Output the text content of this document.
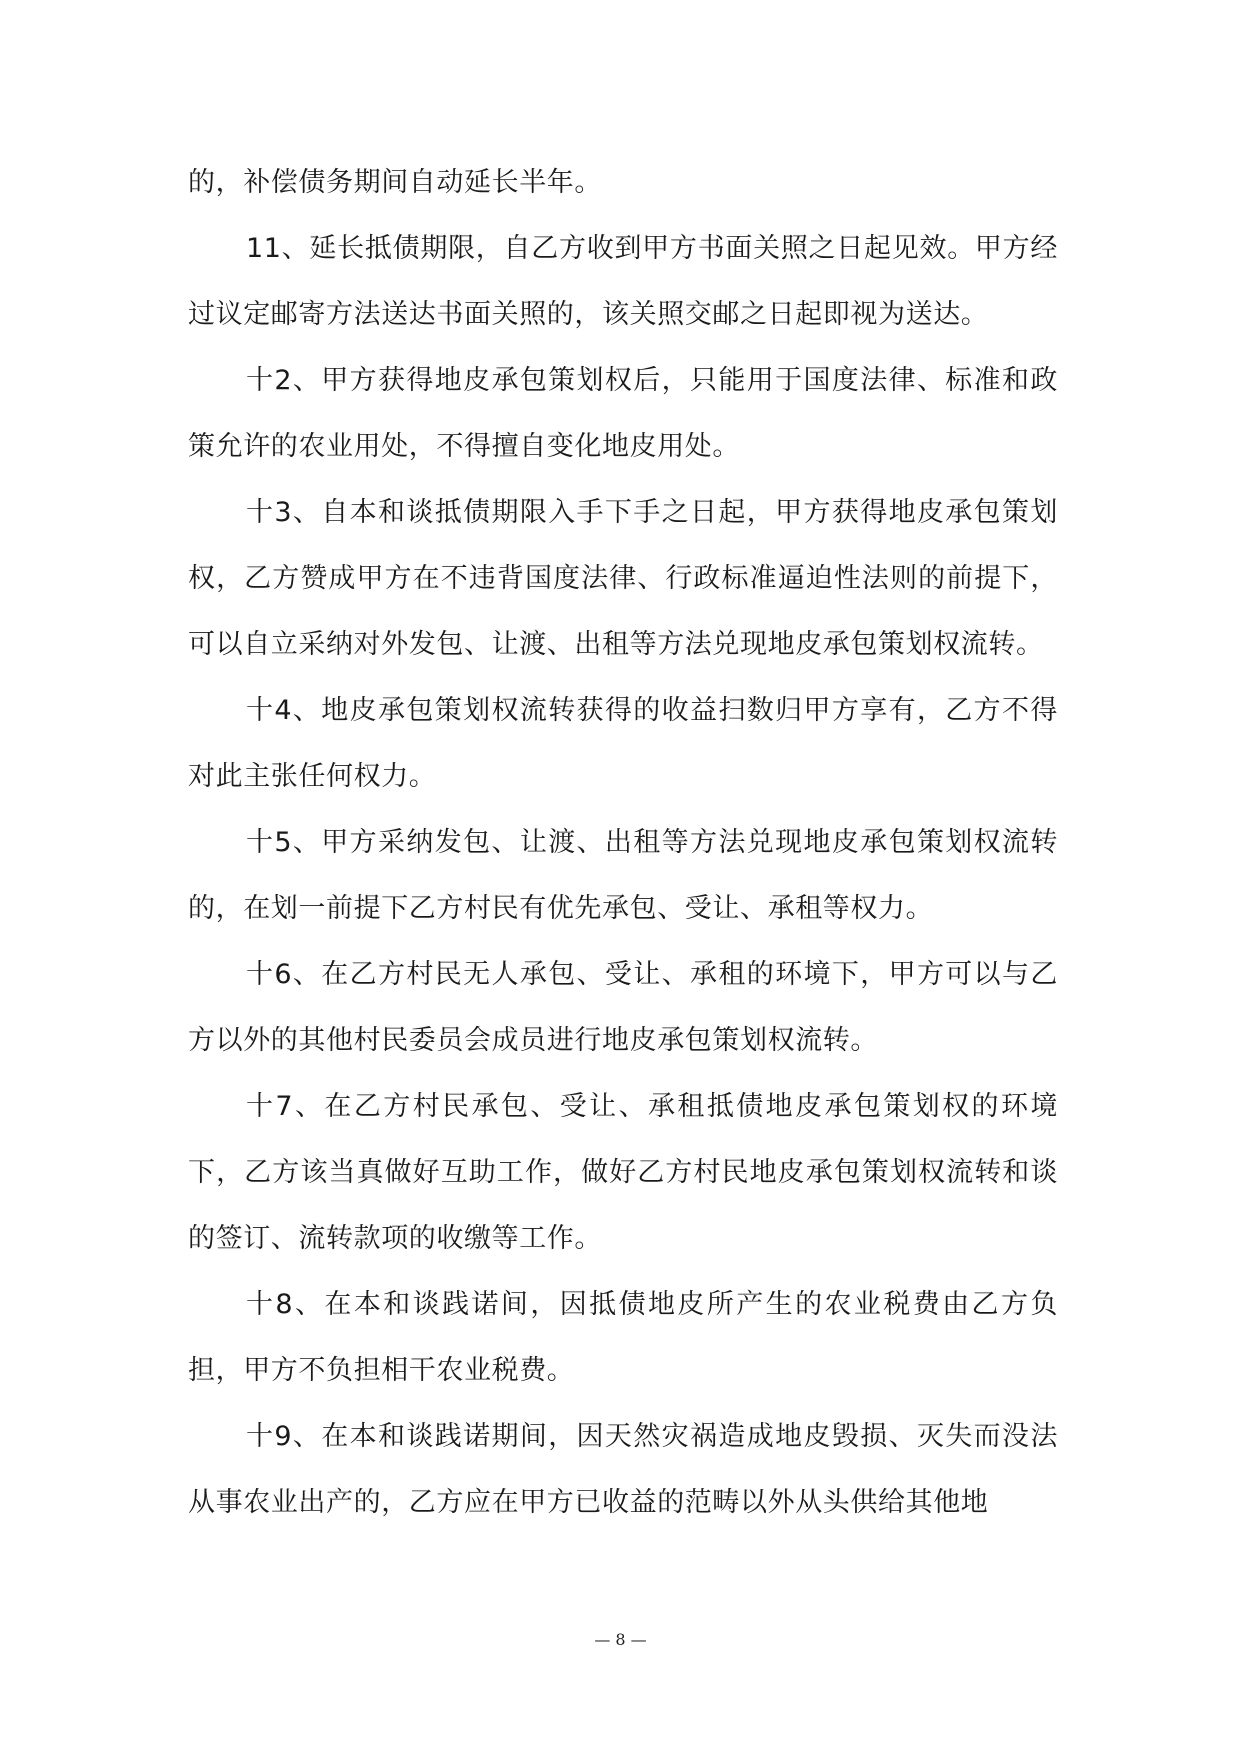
的，补偿债务期间自动延长半年。

11、延长抵债期限，自乙方收到甲方书面关照之日起见效。甲方经过议定邮寄方法送达书面关照的，该关照交邮之日起即视为送达。

十2、甲方获得地皮承包策划权后，只能用于国度法律、标准和政策允许的农业用处，不得擅自变化地皮用处。

十3、自本和谈抵债期限入手下手之日起，甲方获得地皮承包策划权，乙方赞成甲方在不违背国度法律、行政标准逼迫性法则的前提下，可以自立采纳对外发包、让渡、出租等方法兑现地皮承包策划权流转。

十4、地皮承包策划权流转获得的收益扫数归甲方享有，乙方不得对此主张任何权力。

十5、甲方采纳发包、让渡、出租等方法兑现地皮承包策划权流转的，在划一前提下乙方村民有优先承包、受让、承租等权力。

十6、在乙方村民无人承包、受让、承租的环境下，甲方可以与乙方以外的其他村民委员会成员进行地皮承包策划权流转。

十7、在乙方村民承包、受让、承租抵债地皮承包策划权的环境下，乙方该当真做好互助工作，做好乙方村民地皮承包策划权流转和谈的签订、流转款项的收缴等工作。

十8、在本和谈践诺间，因抵债地皮所产生的农业税费由乙方负担，甲方不负担相干农业税费。

十9、在本和谈践诺期间，因天然灾祸造成地皮毁损、灭失而没法从事农业出产的，乙方应在甲方已收益的范畴以外从头供给其他地

— 8 —
